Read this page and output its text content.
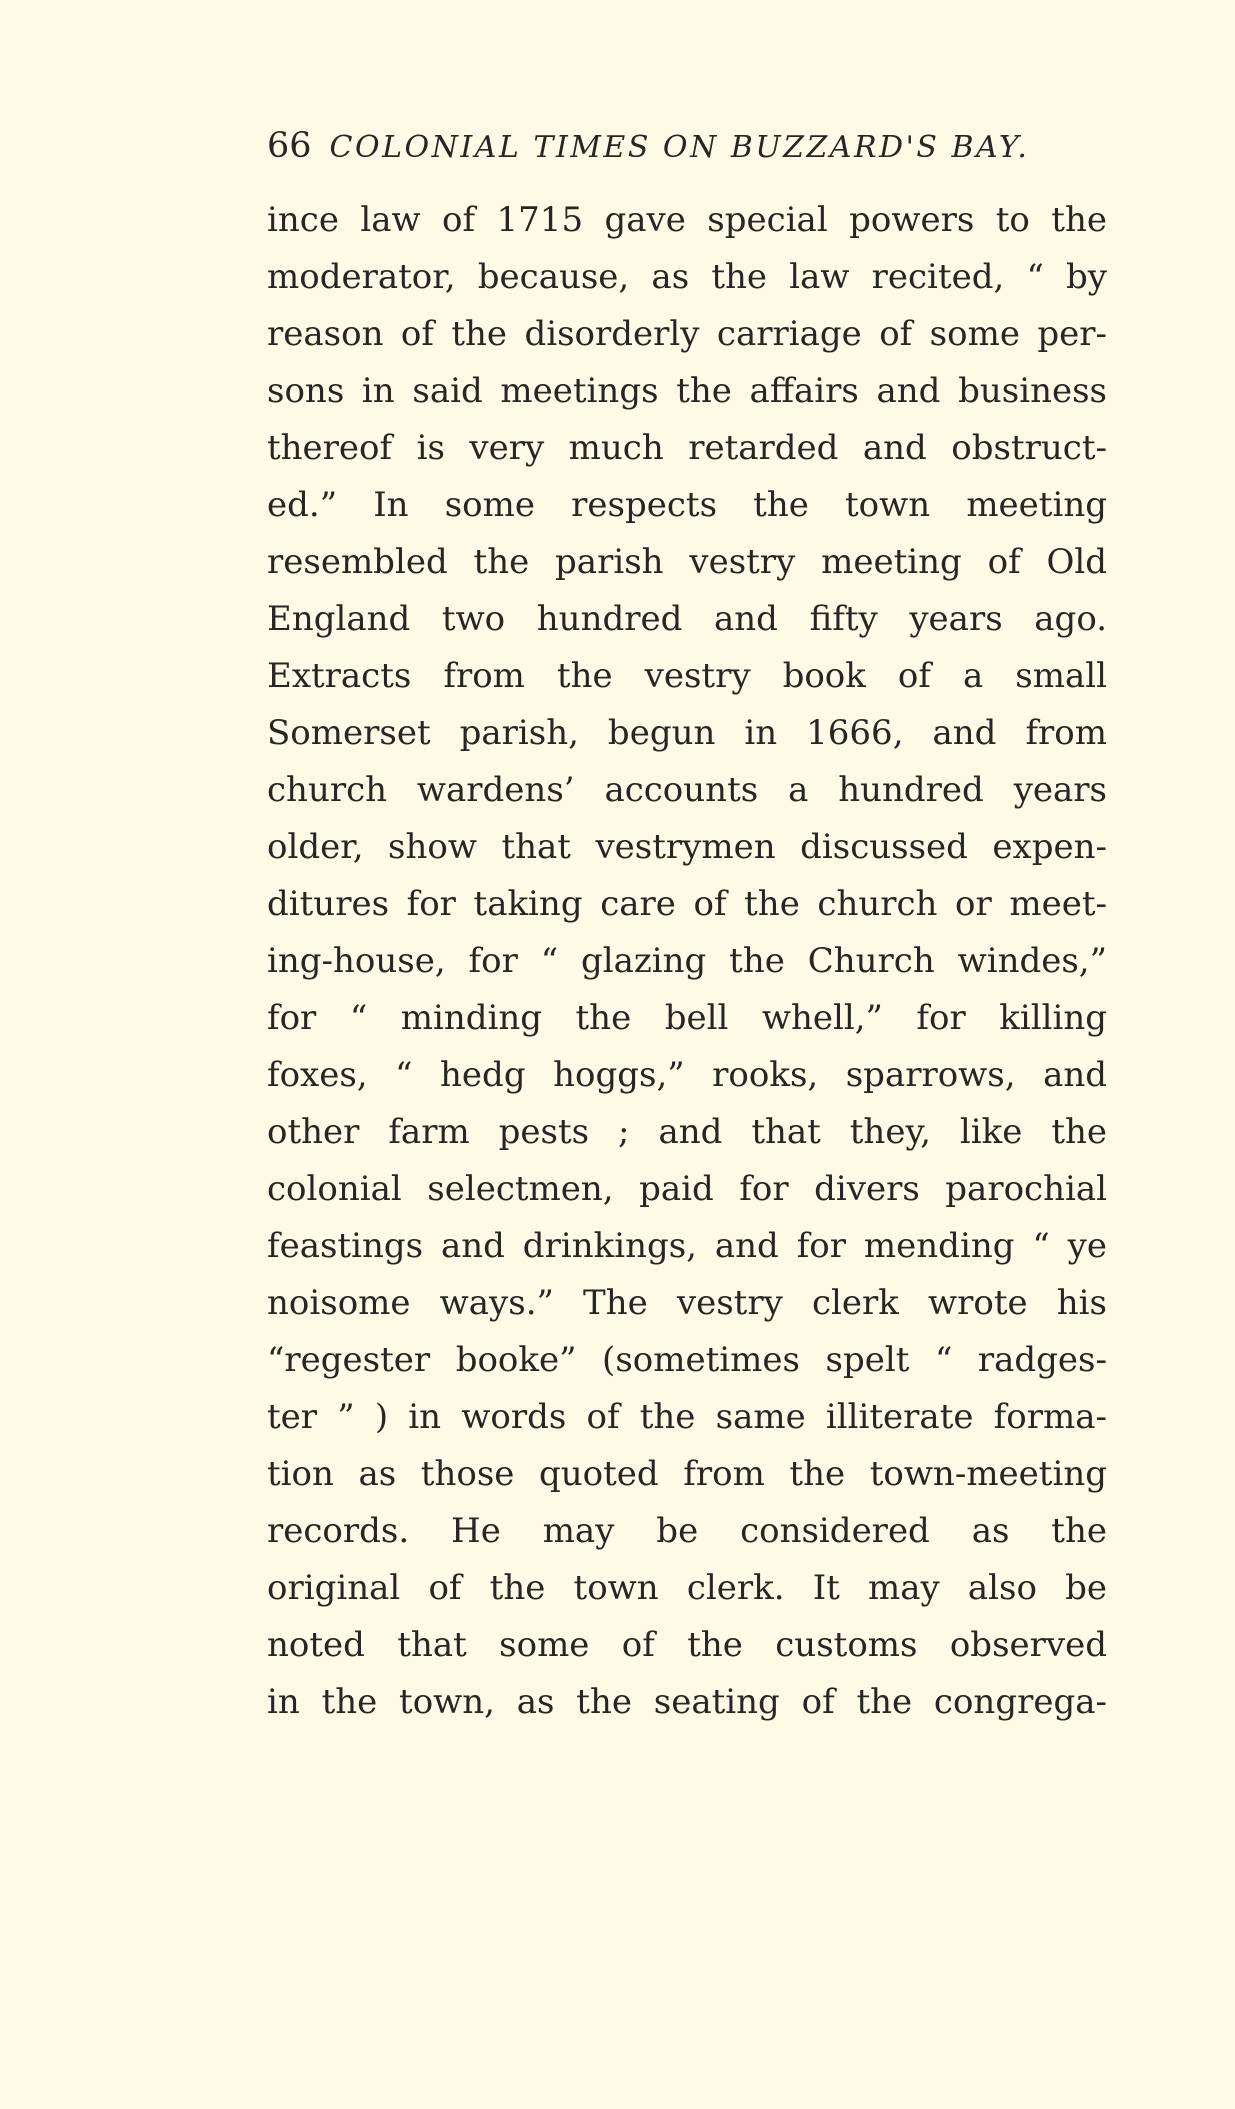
66 COLONIAL TIMES ON BUZZARD'S BAY.
ince law of 1715 gave special powers to the
moderator, because, as the law recited, “ by
reason of the disorderly carriage of some per-
sons in said meetings the affairs and business
thereof is very much retarded and obstruct-
ed.” In some respects the town meeting
resembled the parish vestry meeting of Old
England two hundred and fifty years ago.
Extracts from the vestry book of a small
Somerset parish, begun in 1666, and from
church wardens’ accounts a hundred years
older, show that vestrymen discussed expen-
ditures for taking care of the church or meet-
ing-house, for “ glazing the Church windes,”
for “ minding the bell whell,” for killing
foxes, “ hedg hoggs,” rooks, sparrows, and
other farm pests ; and that they, like the
colonial selectmen, paid for divers parochial
feastings and drinkings, and for mending “ ye
noisome ways.” The vestry clerk wrote his
“regester booke” (sometimes spelt “ radges-
ter ” ) in words of the same illiterate forma-
tion as those quoted from the town-meeting
records. He may be considered as the
original of the town clerk. It may also be
noted that some of the customs observed
in the town, as the seating of the congrega-
